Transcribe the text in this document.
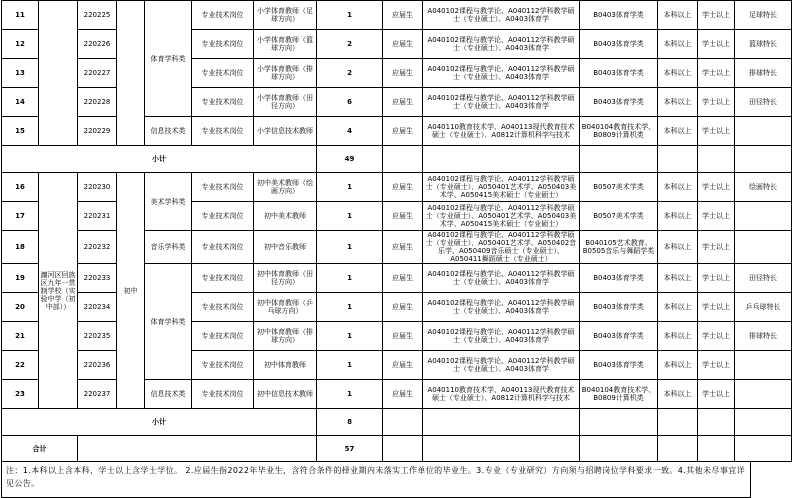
11		220225		体育学科类	专业技术岗位	小学体育教师（足球方向）	1	应届生	A040102课程与教学论、A040112学科教学硕士（专业硕士）、A0403体育学	B0403体育学类	本科以上	学士以上	足球特长
12		220226			专业技术岗位	小学体育教师（篮球方向）	2	应届生	A040102课程与教学论、A040112学科教学硕士（专业硕士）、A0403体育学	B0403体育学类	本科以上	学士以上	篮球特长
13		220227			专业技术岗位	小学体育教师（排球方向）	2	应届生	A040102课程与教学论、A040112学科教学硕士（专业硕士）、A0403体育学	B0403体育学类	本科以上	学士以上	排球特长
14		220228			专业技术岗位	小学体育教师（田径方向）	6	应届生	A040102课程与教学论、A040112学科教学硕士（专业硕士）、A0403体育学	B0403体育学类	本科以上	学士以上	田径特长
15		220229		信息技术类	专业技术岗位	小学信息技术教师	4	应届生	A040110教育技术学、A040113现代教育技术硕士（专业硕士）、A0812计算机科学与技术	B040104教育技术学、B0809计算机类	本科以上	学士以上	
小计							49						
16	瀍河区回族区九年一贯制学校（实验中学（初中部））	220230	初中	美术学科类	专业技术岗位	初中美术教师（绘画方向）	1	应届生	A040102课程与教学论、A040112学科教学硕士（专业硕士）、A050401艺术学、A050403美术学、A050415美术硕士（专业硕士）	B0507美术学类	本科以上	学士以上	绘画特长
17		220231			专业技术岗位	初中美术教师	1	应届生	A040102课程与教学论、A040112学科教学硕士（专业硕士）、A050401艺术学、A050403美术学、A050415美术硕士（专业硕士）	B0507美术学类	本科以上	学士以上	
18		220232		音乐学科类	专业技术岗位	初中音乐教师	1	应届生	A040102课程与教学论、A040112学科教学硕士（专业硕士）、A050401艺术学、A050402音乐学、A050409音乐硕士（专业硕士）、A050411舞蹈硕士（专业硕士）	B040105艺术教育、B0505音乐与舞蹈学类	本科以上	学士以上	
19		220233		体育学科类	专业技术岗位	初中体育教师（田径方向）	1	应届生	A040102课程与教学论、A040112学科教学硕士（专业硕士）、A0403体育学	B0403体育学类	本科以上	学士以上	田径特长
20		220234			专业技术岗位	初中体育教师（乒乓球方向）	1	应届生	A040102课程与教学论、A040112学科教学硕士（专业硕士）、A0403体育学	B0403体育学类	本科以上	学士以上	乒乓球特长
21		220235			专业技术岗位	初中体育教师（排球方向）	1	应届生	A040102课程与教学论、A040112学科教学硕士（专业硕士）、A0403体育学	B0403体育学类	本科以上	学士以上	排球特长
22		220236			专业技术岗位	初中体育教师	1	应届生	A040102课程与教学论、A040112学科教学硕士（专业硕士）、A0403体育学	B0403体育学类	本科以上	学士以上	
23		220237		信息技术类	专业技术岗位	初中信息技术教师	1	应届生	A040110教育技术学、A040113现代教育技术硕士（专业硕士）、A0812计算机科学与技术	B040104教育技术学、B0809计算机类	本科以上	学士以上	
小计							8						
合计							57						
注：1.本科以上含本科，学士以上含学士学位。 2.应届生指2022年毕业生，含符合条件的择业期内未落实工作单位的毕业生。3.专业（专业研究）方向须与招聘岗位学科要求一致。4.其他未尽事宜详见公告。
